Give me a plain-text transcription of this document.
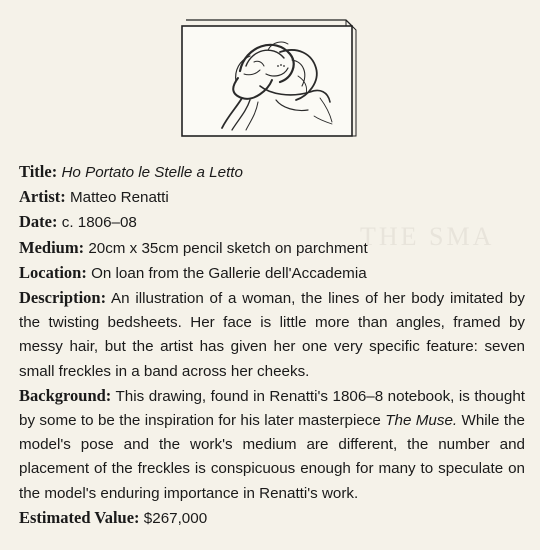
THE SMA

Title: Ho Portato le Stelle a Letto

Artist: Matteo Renatti

Date: c. 1806–08

Medium: 20cm x 35cm pencil sketch on parchment

Location: On loan from the Gallerie dell'Accademia

Description: An illustration of a woman, the lines of her body imitated by the twisting bedsheets. Her face is little more than angles, framed by messy hair, but the artist has given her one very specific feature: seven small freckles in a band across her cheeks.

Background: This drawing, found in Renatti's 1806–8 notebook, is thought by some to be the inspiration for his later masterpiece The Muse. While the model's pose and the work's medium are different, the number and placement of the freckles is conspicuous enough for many to speculate on the model's enduring importance in Renatti's work.

Estimated Value: $267,000
